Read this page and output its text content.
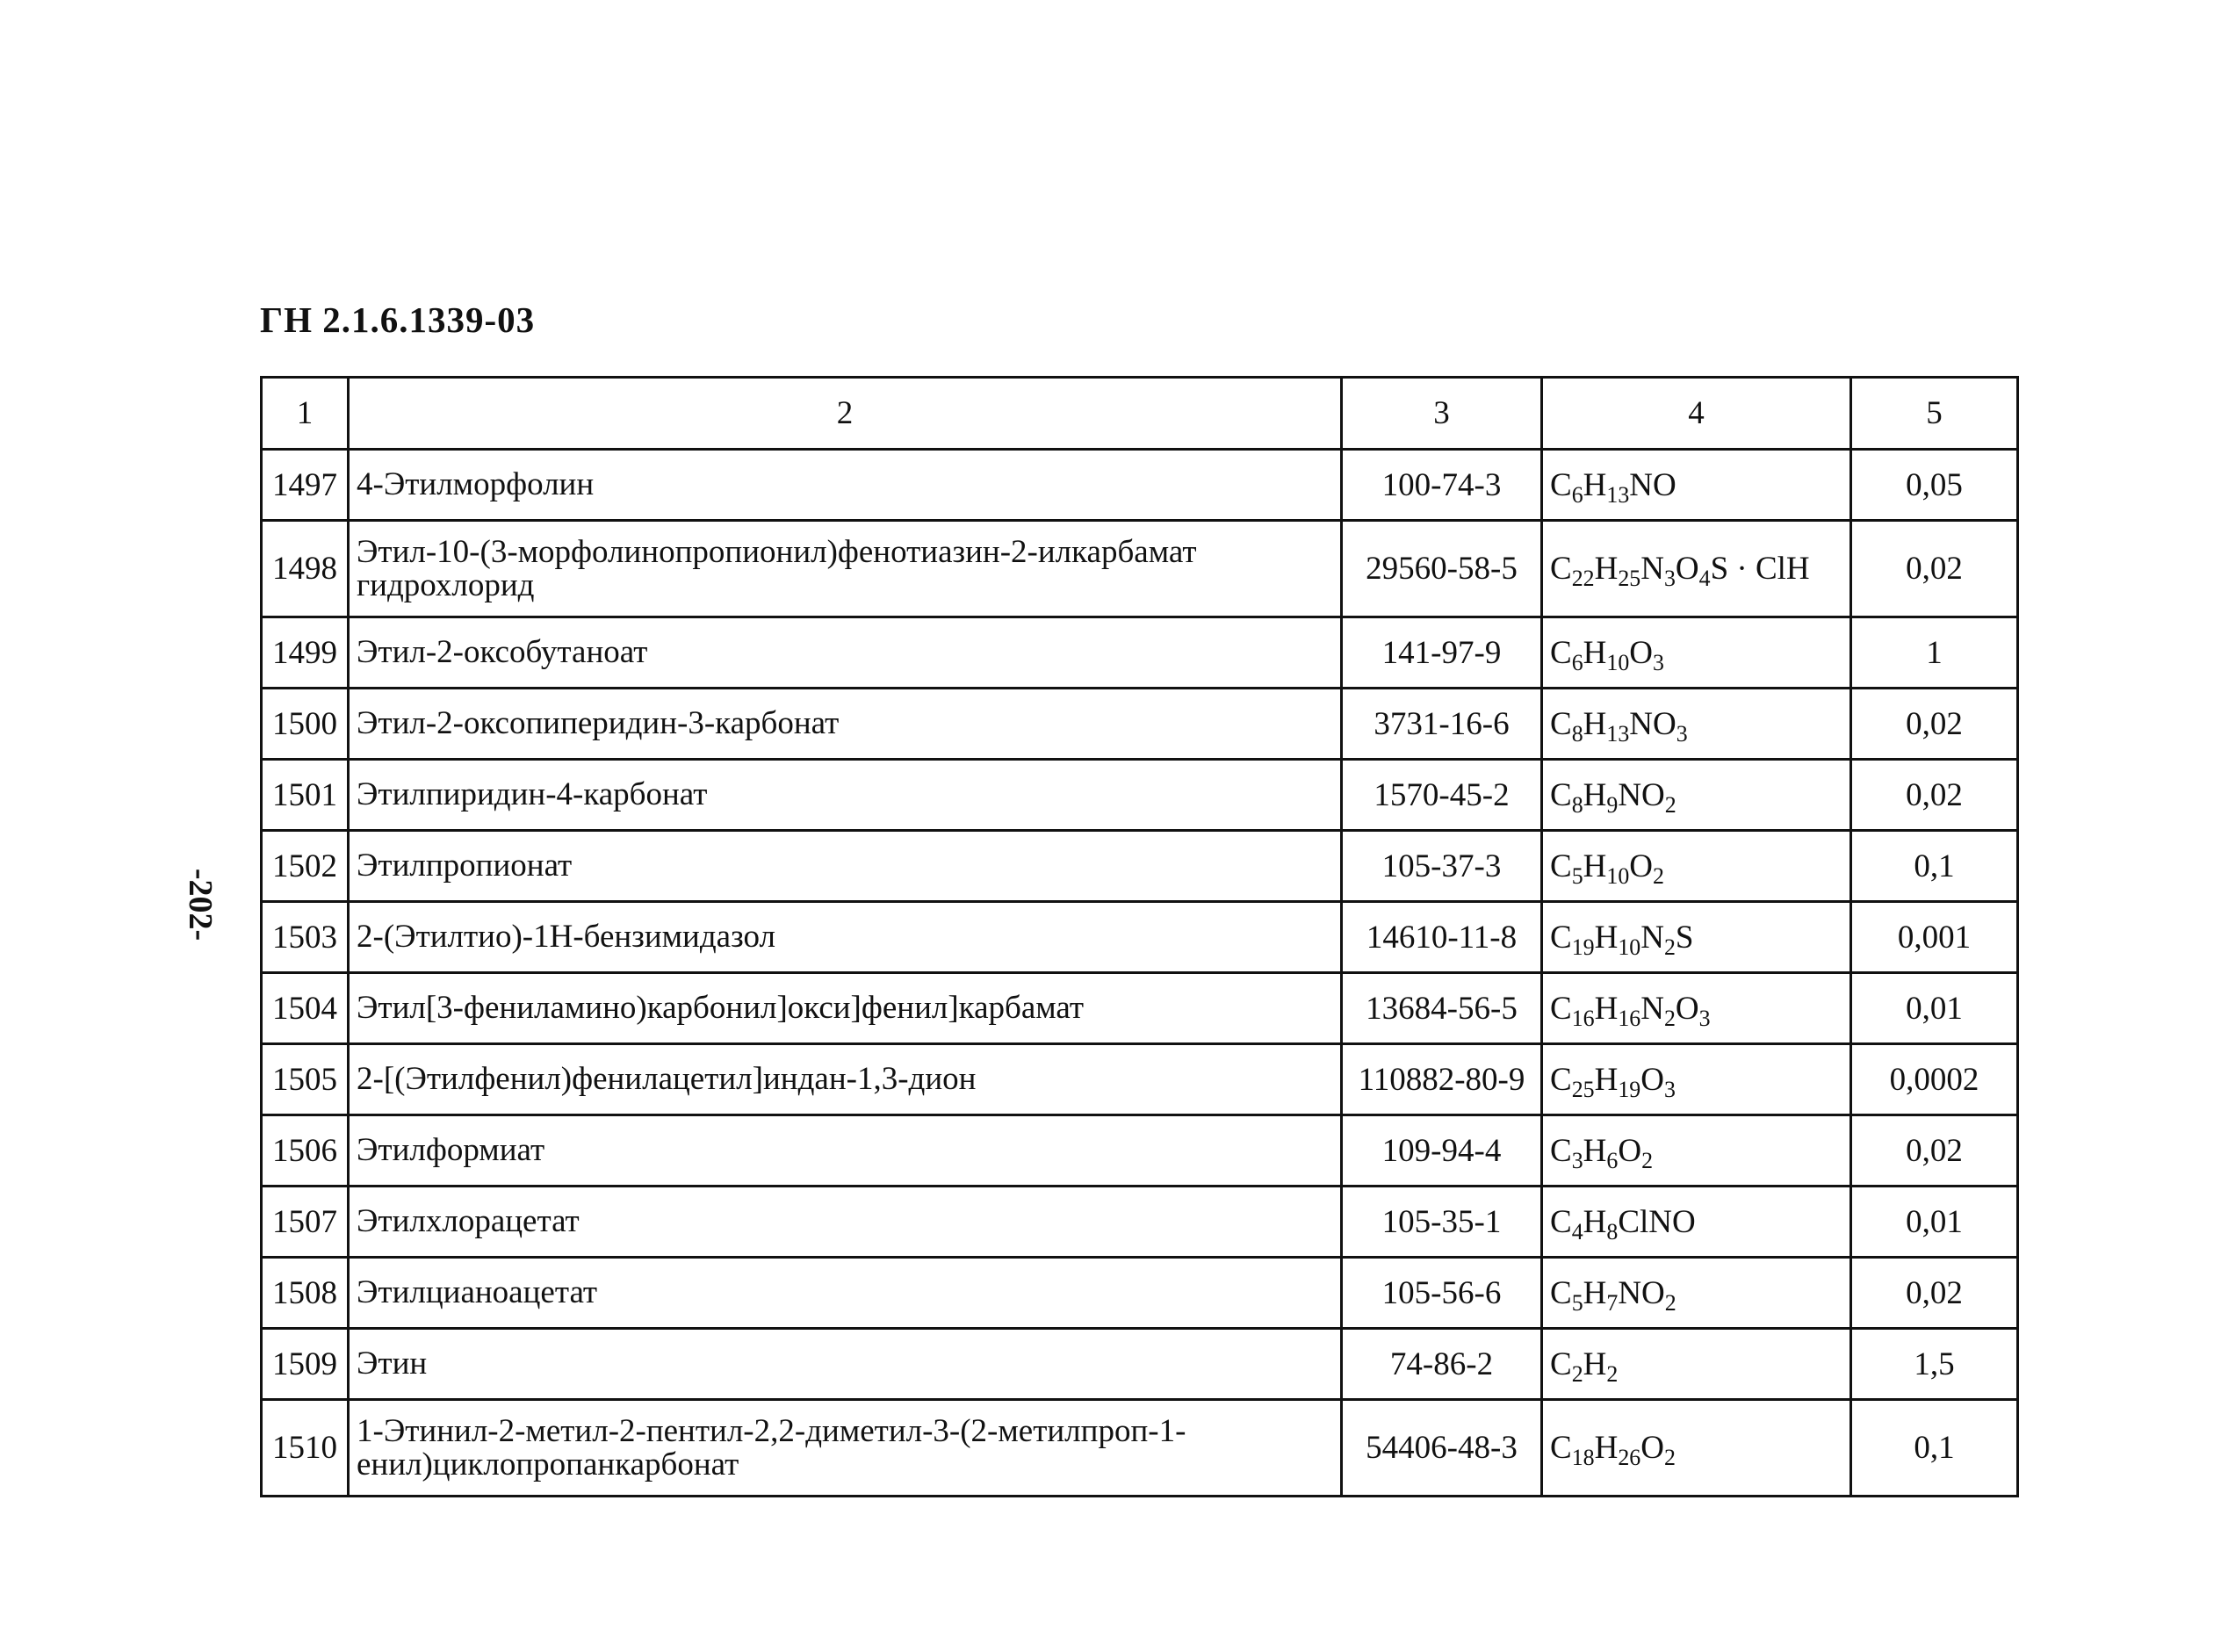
ГН 2.1.6.1339-03
-202-
1	2	3	4	5
1497	4-Этилморфолин	100-74-3	$C_6H_{13}NO$	0,05
1498	Этил-10-(3-морфолинопропионил)фенотиазин-2-илкарбамат гидрохлорид	29560-58-5	$C_{22}H_{25}N_3O_4S$ · ClH	0,02
1499	Этил-2-оксобутаноат	141-97-9	$C_6H_{10}O_3$	1
1500	Этил-2-оксопиперидин-3-карбонат	3731-16-6	$C_8H_{13}NO_3$	0,02
1501	Этилпиридин-4-карбонат	1570-45-2	$C_8H_9NO_2$	0,02
1502	Этилпропионат	105-37-3	$C_5H_{10}O_2$	0,1
1503	2-(Этилтио)-1H-бензимидазол	14610-11-8	$C_{19}H_{10}N_2S$	0,001
1504	Этил[3-фениламино)карбонил]окси]фенил]карбамат	13684-56-5	$C_{16}H_{16}N_2O_3$	0,01
1505	2-[(Этилфенил)фенилацетил]индан-1,3-дион	110882-80-9	$C_{25}H_{19}O_3$	0,0002
1506	Этилформиат	109-94-4	$C_3H_6O_2$	0,02
1507	Этилхлорацетат	105-35-1	$C_4H_8ClNO$	0,01
1508	Этилцианоацетат	105-56-6	$C_5H_7NO_2$	0,02
1509	Этин	74-86-2	$C_2H_2$	1,5
1510	1-Этинил-2-метил-2-пентил-2,2-диметил-3-(2-метилпроп-1-енил)циклопропанкарбонат	54406-48-3	$C_{18}H_{26}O_2$	0,1
